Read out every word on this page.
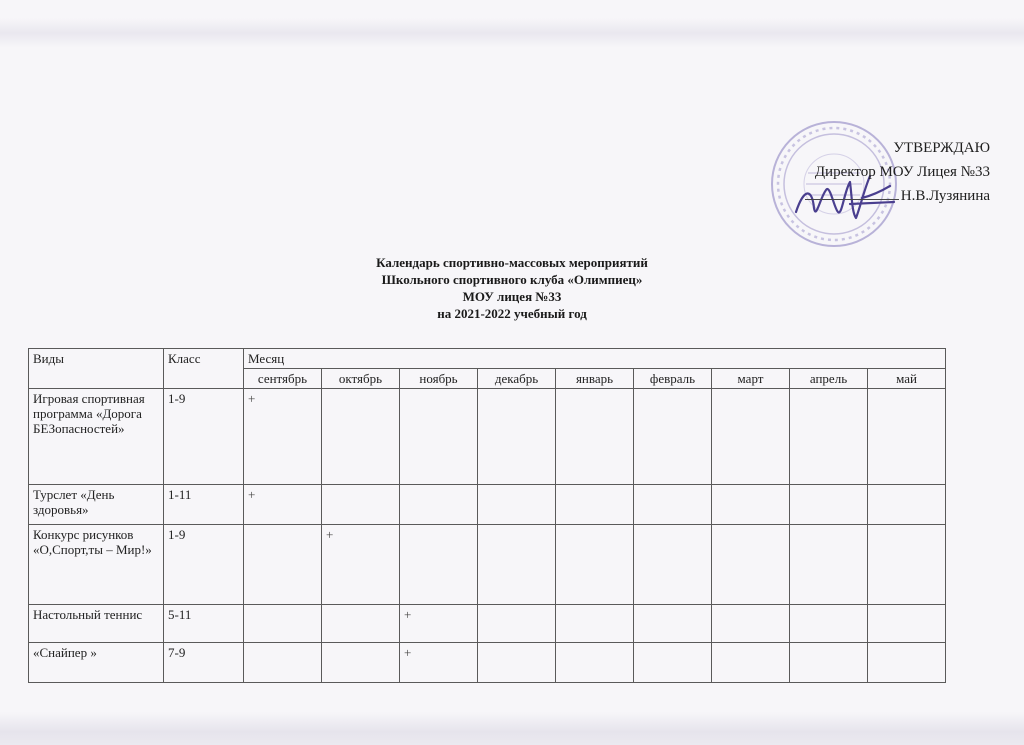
УТВЕРЖДАЮ
Директор МОУ Лицея №33
Н.В.Лузянина
Календарь спортивно-массовых мероприятий
Школьного спортивного клуба «Олимпиец»
МОУ лицея №33
на 2021-2022 учебный год
Виды	Класс	Месяц								
		сентябрь	октябрь	ноябрь	декабрь	январь	февраль	март	апрель	май
Игровая спортивная программа «Дорога БЕЗопасностей»	1-9	+								
Турслет «День здоровья»	1-11	+								
Конкурс рисунков «О,Спорт,ты – Мир!»	1-9		+							
Настольный теннис	5-11			+						
«Снайпер »	7-9			+						
